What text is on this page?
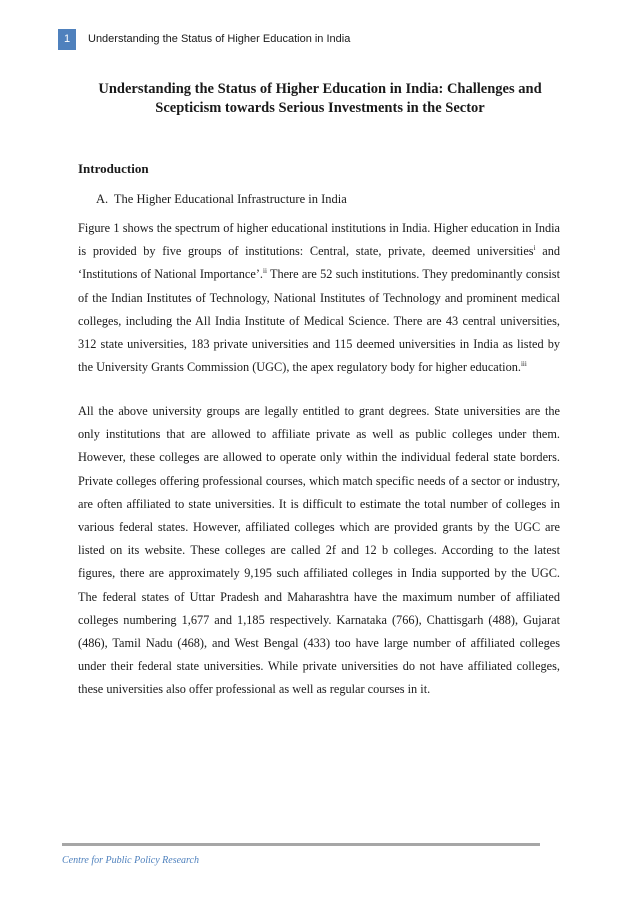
1	Understanding the Status of Higher Education in India
Understanding the Status of Higher Education in India: Challenges and Scepticism towards Serious Investments in the Sector
Introduction
A. The Higher Educational Infrastructure in India

Figure 1 shows the spectrum of higher educational institutions in India. Higher education in India is provided by five groups of institutions: Central, state, private, deemed universities$^i$ and ‘Institutions of National Importance’.$^{ii}$ There are 52 such institutions. They predominantly consist of the Indian Institutes of Technology, National Institutes of Technology and prominent medical colleges, including the All India Institute of Medical Science. There are 43 central universities, 312 state universities, 183 private universities and 115 deemed universities in India as listed by the University Grants Commission (UGC), the apex regulatory body for higher education.$^{iii}$

All the above university groups are legally entitled to grant degrees. State universities are the only institutions that are allowed to affiliate private as well as public colleges under them. However, these colleges are allowed to operate only within the individual federal state borders. Private colleges offering professional courses, which match specific needs of a sector or industry, are often affiliated to state universities. It is difficult to estimate the total number of colleges in various federal states. However, affiliated colleges which are provided grants by the UGC are listed on its website. These colleges are called 2f and 12 b colleges. According to the latest figures, there are approximately 9,195 such affiliated colleges in India supported by the UGC. The federal states of Uttar Pradesh and Maharashtra have the maximum number of affiliated colleges numbering 1,677 and 1,185 respectively. Karnataka (766), Chattisgarh (488), Gujarat (486), Tamil Nadu (468), and West Bengal (433) too have large number of affiliated colleges under their federal state universities. While private universities do not have affiliated colleges, these universities also offer professional as well as regular courses in it.

Centre for Public Policy Research
